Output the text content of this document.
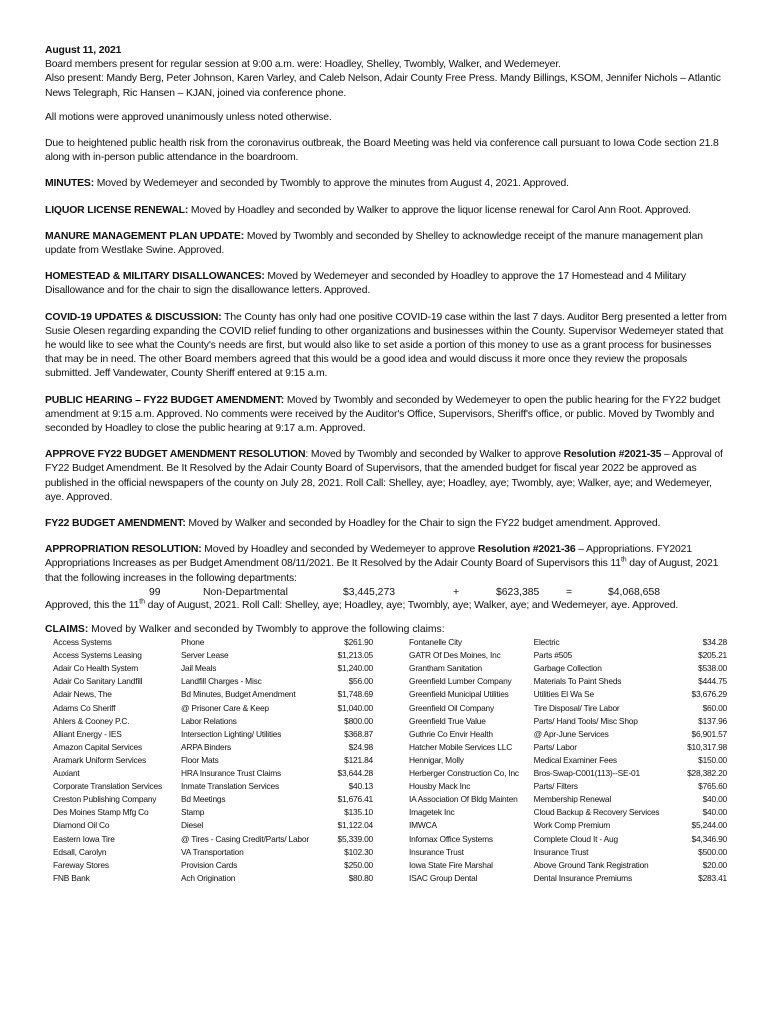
August 11, 2021
Board members present for regular session at 9:00 a.m. were: Hoadley, Shelley, Twombly, Walker, and Wedemeyer.
Also present: Mandy Berg, Peter Johnson, Karen Varley, and Caleb Nelson, Adair County Free Press. Mandy Billings, KSOM, Jennifer Nichols – Atlantic News Telegraph, Ric Hansen – KJAN, joined via conference phone.

All motions were approved unanimously unless noted otherwise.

Due to heightened public health risk from the coronavirus outbreak, the Board Meeting was held via conference call pursuant to Iowa Code section 21.8 along with in-person public attendance in the boardroom.

MINUTES: Moved by Wedemeyer and seconded by Twombly to approve the minutes from August 4, 2021. Approved.

LIQUOR LICENSE RENEWAL: Moved by Hoadley and seconded by Walker to approve the liquor license renewal for Carol Ann Root. Approved.

MANURE MANAGEMENT PLAN UPDATE: Moved by Twombly and seconded by Shelley to acknowledge receipt of the manure management plan update from Westlake Swine. Approved.

HOMESTEAD & MILITARY DISALLOWANCES: Moved by Wedemeyer and seconded by Hoadley to approve the 17 Homestead and 4 Military Disallowance and for the chair to sign the disallowance letters. Approved.

COVID-19 UPDATES & DISCUSSION: The County has only had one positive COVID-19 case within the last 7 days. Auditor Berg presented a letter from Susie Olesen regarding expanding the COVID relief funding to other organizations and businesses within the County. Supervisor Wedemeyer stated that he would like to see what the County's needs are first, but would also like to set aside a portion of this money to use as a grant process for businesses that may be in need. The other Board members agreed that this would be a good idea and would discuss it more once they review the proposals submitted. Jeff Vandewater, County Sheriff entered at 9:15 a.m.

PUBLIC HEARING – FY22 BUDGET AMENDMENT: Moved by Twombly and seconded by Wedemeyer to open the public hearing for the FY22 budget amendment at 9:15 a.m. Approved. No comments were received by the Auditor's Office, Supervisors, Sheriff's office, or public. Moved by Twombly and seconded by Hoadley to close the public hearing at 9:17 a.m. Approved.

APPROVE FY22 BUDGET AMENDMENT RESOLUTION: Moved by Twombly and seconded by Walker to approve Resolution #2021-35 – Approval of FY22 Budget Amendment. Be It Resolved by the Adair County Board of Supervisors, that the amended budget for fiscal year 2022 be approved as published in the official newspapers of the county on July 28, 2021. Roll Call: Shelley, aye; Hoadley, aye; Twombly, aye; Walker, aye; and Wedemeyer, aye. Approved.

FY22 BUDGET AMENDMENT: Moved by Walker and seconded by Hoadley for the Chair to sign the FY22 budget amendment. Approved.

APPROPRIATION RESOLUTION: Moved by Hoadley and seconded by Wedemeyer to approve Resolution #2021-36 – Appropriations. FY2021 Appropriations Increases as per Budget Amendment 08/11/2021. Be It Resolved by the Adair County Board of Supervisors this 11th day of August, 2021 that the following increases in the following departments:

99	Non-Departmental	$3,445,273	+	$623,385	=	$4,068,658

Approved, this the 11th day of August, 2021. Roll Call: Shelley, aye; Hoadley, aye; Twombly, aye; Walker, aye; and Wedemeyer, aye. Approved.

CLAIMS: Moved by Walker and seconded by Twombly to approve the following claims:

Access Systems	Phone	$261.90
Access Systems Leasing	Server Lease	$1,213.05
Adair Co Health System	Jail Meals	$1,240.00
Adair Co Sanitary Landfill	Landfill Charges - Misc	$56.00
Adair News, The	Bd Minutes, Budget Amendment	$1,748.69
Adams Co Sheriff	@ Prisoner Care & Keep	$1,040.00
Ahlers & Cooney P.C.	Labor Relations	$800.00
Alliant Energy - IES	Intersection Lighting/ Utilities	$368.87
Amazon Capital Services	ARPA Binders	$24.98
Aramark Uniform Services	Floor Mats	$121.84
Auxiant	HRA Insurance Trust Claims	$3,644.28
Corporate Translation Services	Inmate Translation Services	$40.13
Creston Publishing Company	Bd Meetings	$1,676.41
Des Moines Stamp Mfg Co	Stamp	$135.10
Diamond Oil Co	Diesel	$1,122.04
Eastern Iowa Tire	@ Tires - Casing Credit/Parts/ Labor	$5,339.00
Edsall, Carolyn	VA Transportation	$102.30
Fareway Stores	Provision Cards	$250.00
FNB Bank	Ach Origination	$80.80
Fontanelle City	Electric	$34.28
GATR Of Des Moines, Inc	Parts #505	$205.21
Grantham Sanitation	Garbage Collection	$538.00
Greenfield Lumber Company	Materials To Paint Sheds	$444.75
Greenfield Municipal Utilities	Utilities El Wa Se	$3,676.29
Greenfield Oil Company	Tire Disposal/ Tire Labor	$60.00
Greenfield True Value	Parts/ Hand Tools/ Misc Shop	$137.96
Guthrie Co Envir Health	@ Apr-June Services	$6,901.57
Hatcher Mobile Services LLC	Parts/ Labor	$10,317.98
Hennigar, Molly	Medical Examiner Fees	$150.00
Herberger Construction Co, Inc	Bros-Swap-C001(113)--SE-01	$28,382.20
Housby Mack Inc	Parts/ Filters	$765.60
IA Association Of Bldg Mainten	Membership Renewal	$40.00
Imagetek Inc	Cloud Backup & Recovery Services	$40.00
IMWCA	Work Comp Premium	$5,244.00
Infomax Office Systems	Complete Cloud It - Aug	$4,346.90
Insurance Trust	Insurance Trust	$500.00
Iowa State Fire Marshal	Above Ground Tank Registration	$20.00
ISAC Group Dental	Dental Insurance Premiums	$283.41
